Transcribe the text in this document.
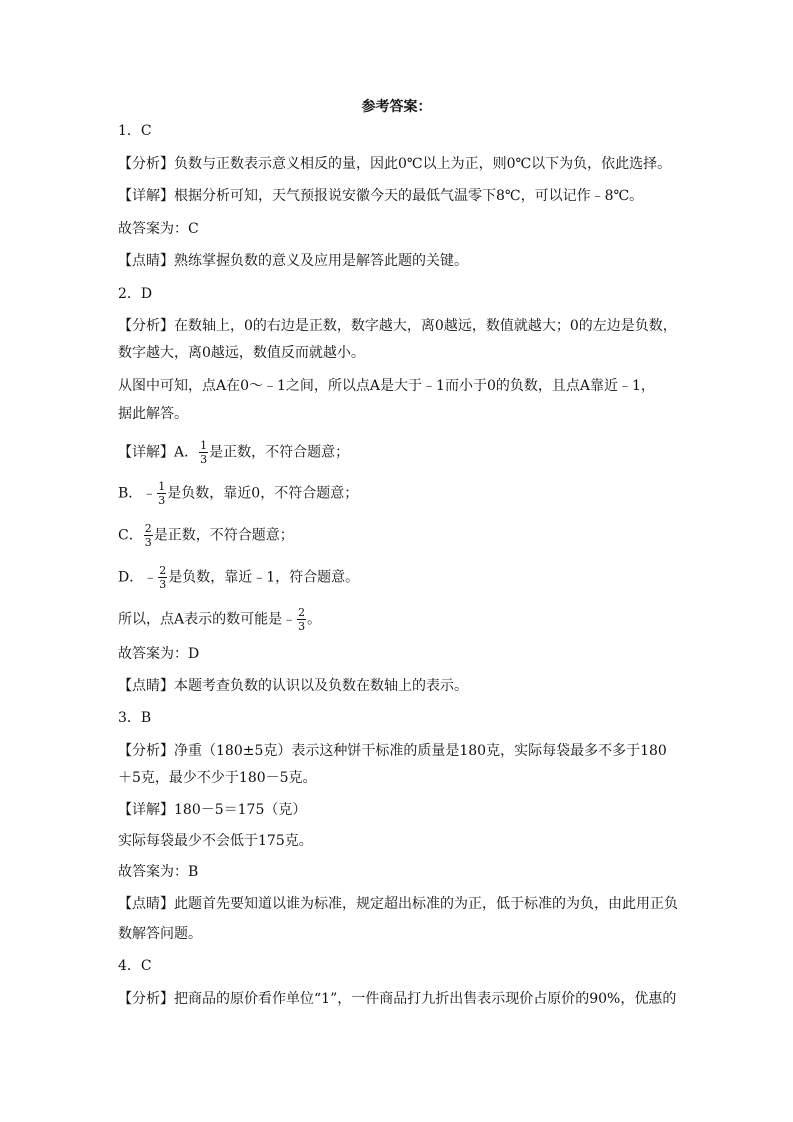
参考答案：
1．C
【分析】负数与正数表示意义相反的量，因此0℃以上为正，则0℃以下为负，依此选择。
【详解】根据分析可知，天气预报说安徽今天的最低气温零下8℃，可以记作﹣8℃。
故答案为：C
【点睛】熟练掌握负数的意义及应用是解答此题的关键。
2．D
【分析】在数轴上，0的右边是正数，数字越大，离0越远，数值就越大；0的左边是负数，
数字越大，离0越远，数值反而就越小。
从图中可知，点A在0～﹣1之间，所以点A是大于﹣1而小于0的负数，且点A靠近﹣1，
据此解答。
【详解】A． $\frac{1}{3}$ 是正数，不符合题意；
B．﹣ $\frac{1}{3}$ 是负数，靠近0，不符合题意；
C． $\frac{2}{3}$ 是正数，不符合题意；
D．﹣ $\frac{2}{3}$ 是负数，靠近﹣1，符合题意。
所以，点A表示的数可能是﹣ $\frac{2}{3}$ 。
故答案为：D
【点睛】本题考查负数的认识以及负数在数轴上的表示。
3．B
【分析】净重（180±5克）表示这种饼干标准的质量是180克，实际每袋最多不多于180
＋5克，最少不少于180－5克。
【详解】180－5＝175（克）
实际每袋最少不会低于175克。
故答案为：B
【点睛】此题首先要知道以谁为标准，规定超出标准的为正，低于标准的为负，由此用正负
数解答问题。
4．C
【分析】把商品的原价看作单位“1”，一件商品打九折出售表示现价占原价的90%，优惠的
